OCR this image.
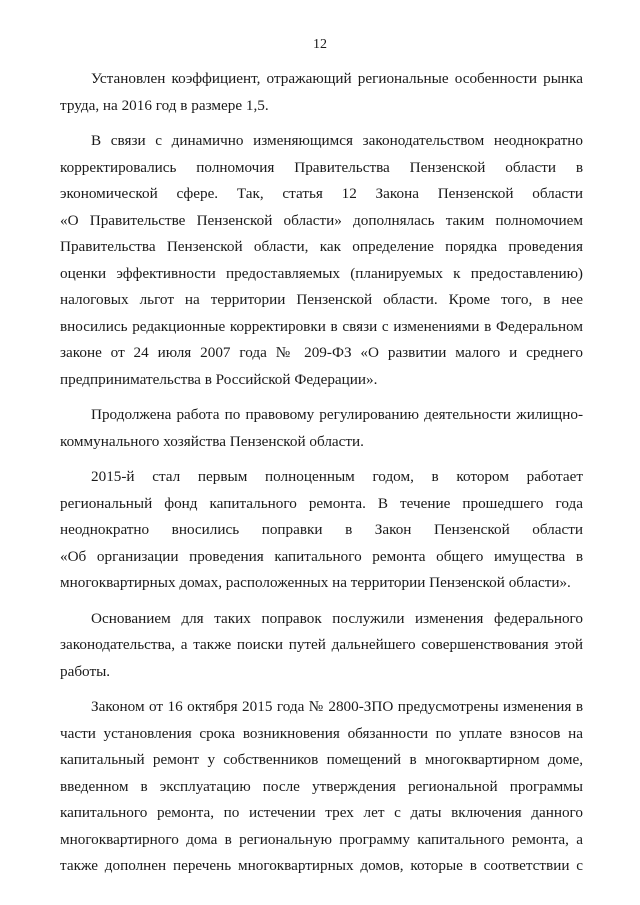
12
Установлен коэффициент, отражающий региональные особенности рынка
труда, на 2016 год в размере 1,5.
В связи с динамично изменяющимся законодательством неоднократно
корректировались полномочия Правительства Пензенской области в
экономической сфере. Так, статья 12 Закона Пензенской области
«О Правительстве Пензенской области» дополнялась таким полномочием
Правительства Пензенской области, как определение порядка проведения
оценки эффективности предоставляемых (планируемых к предоставлению)
налоговых льгот на территории Пензенской области. Кроме того, в нее
вносились редакционные корректировки в связи с изменениями в Федеральном
законе от 24 июля 2007 года № 209-ФЗ «О развитии малого и среднего
предпринимательства в Российской Федерации».
Продолжена работа по правовому регулированию деятельности жилищно-
коммунального хозяйства Пензенской области.
2015-й стал первым полноценным годом, в котором работает
региональный фонд капитального ремонта. В течение прошедшего года
неоднократно вносились поправки в Закон Пензенской области
«Об организации проведения капитального ремонта общего имущества в
многоквартирных домах, расположенных на территории Пензенской области».
Основанием для таких поправок послужили изменения федерального
законодательства, а также поиски путей дальнейшего совершенствования этой
работы.
Законом от 16 октября 2015 года № 2800-ЗПО предусмотрены изменения в
части установления срока возникновения обязанности по уплате взносов на
капитальный ремонт у собственников помещений в многоквартирном доме,
введенном в эксплуатацию после утверждения региональной программы
капитального ремонта, по истечении трех лет с даты включения данного
многоквартирного дома в региональную программу капитального ремонта, а
также дополнен перечень многоквартирных домов, которые в соответствии с
